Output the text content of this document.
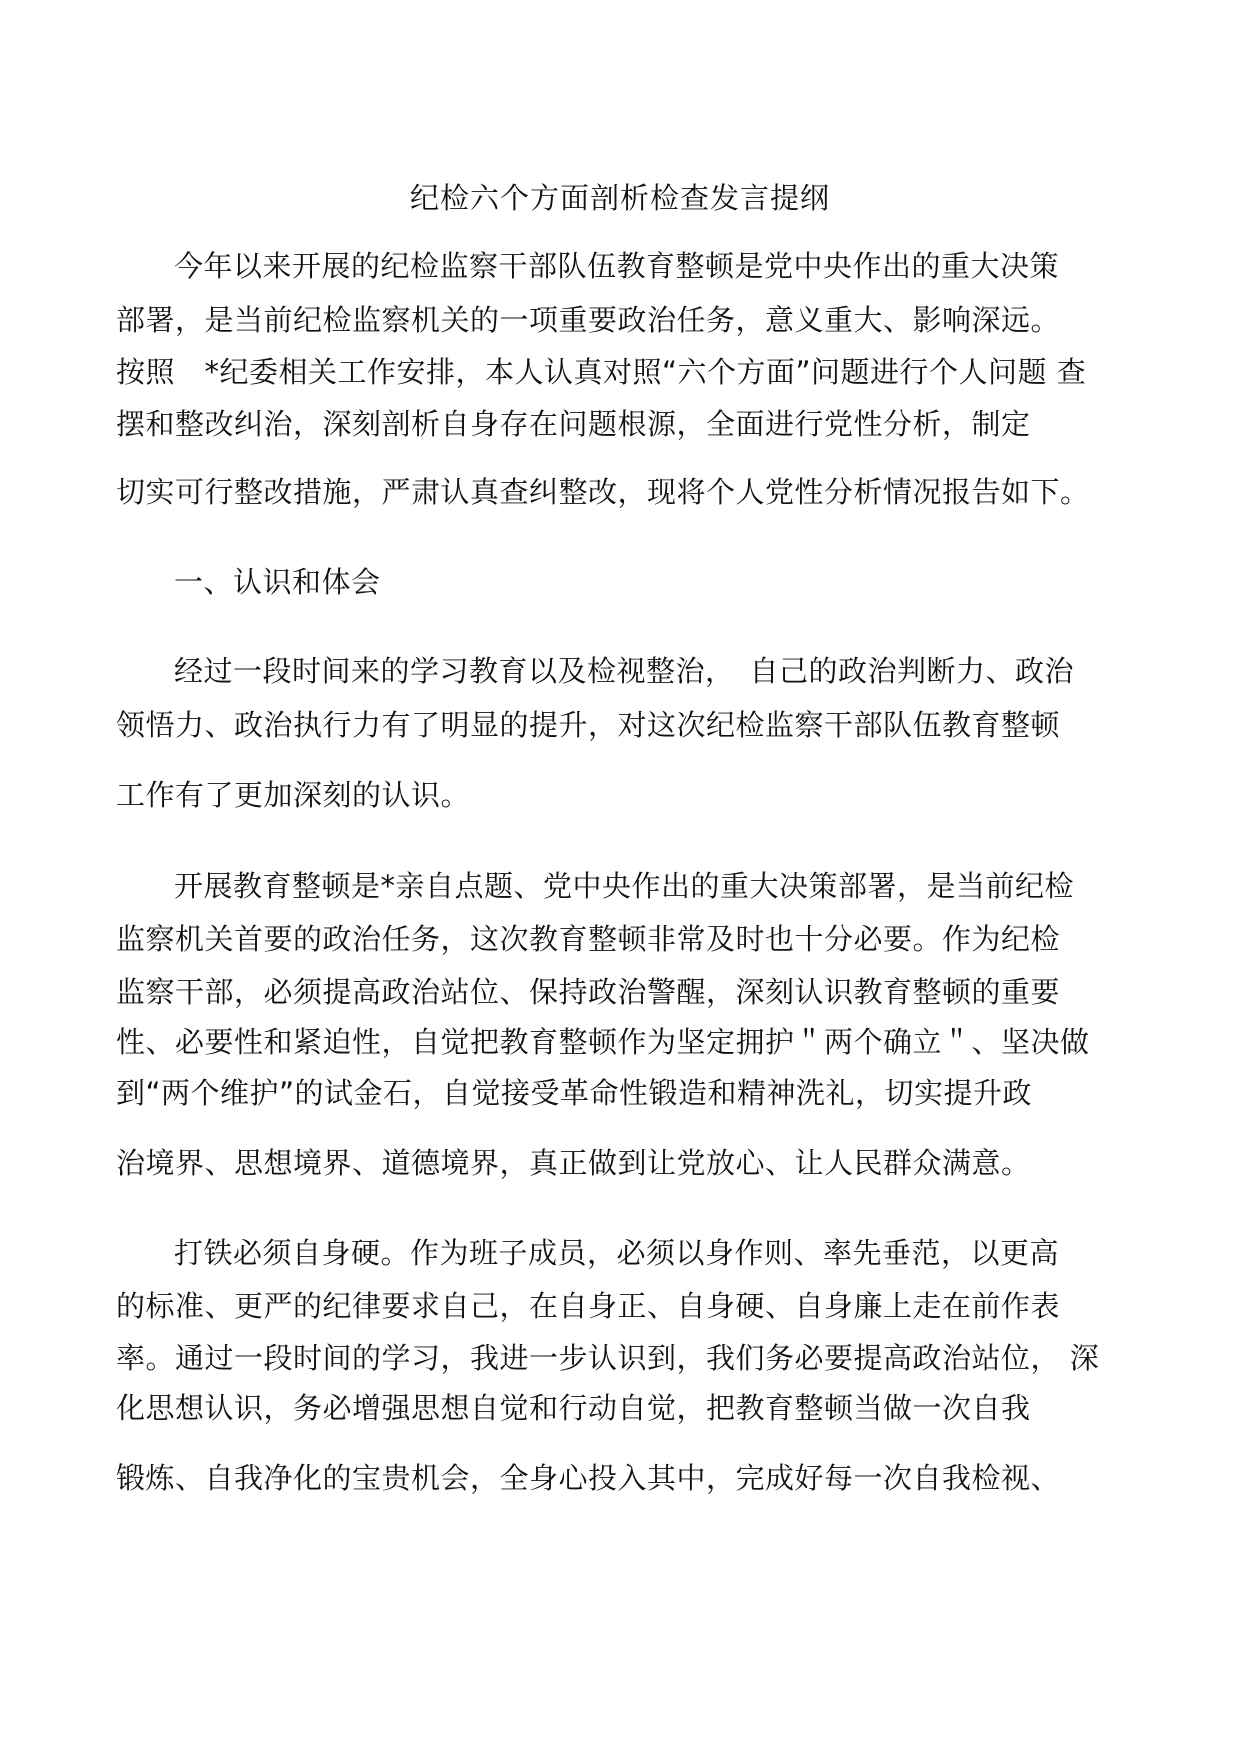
纪检六个方面剖析检查发言提纲
今年以来开展的纪检监察干部队伍教育整顿是党中央作出的重大决策
部署，是当前纪检监察机关的一项重要政治任务，意义重大、影响深远。
按照　*纪委相关工作安排，本人认真对照“六个方面”问题进行个人问题 查
摆和整改纠治，深刻剖析自身存在问题根源，全面进行党性分析，制定
切实可行整改措施，严肃认真查纠整改，现将个人党性分析情况报告如下。
一、认识和体会
经过一段时间来的学习教育以及检视整治，　自己的政治判断力、政治
领悟力、政治执行力有了明显的提升，对这次纪检监察干部队伍教育整顿
工作有了更加深刻的认识。
开展教育整顿是*亲自点题、党中央作出的重大决策部署，是当前纪检
监察机关首要的政治任务，这次教育整顿非常及时也十分必要。作为纪检
监察干部，必须提高政治站位、保持政治警醒，深刻认识教育整顿的重要
性、必要性和紧迫性，自觉把教育整顿作为坚定拥护＂两个确立＂、坚决做
到“两个维护”的试金石，自觉接受革命性锻造和精神洗礼，切实提升政
治境界、思想境界、道德境界，真正做到让党放心、让人民群众满意。
打铁必须自身硬。作为班子成员，必须以身作则、率先垂范，以更高
的标准、更严的纪律要求自己，在自身正、自身硬、自身廉上走在前作表
率。通过一段时间的学习，我进一步认识到，我们务必要提高政治站位， 深
化思想认识，务必增强思想自觉和行动自觉，把教育整顿当做一次自我
锻炼、自我净化的宝贵机会，全身心投入其中，完成好每一次自我检视、
